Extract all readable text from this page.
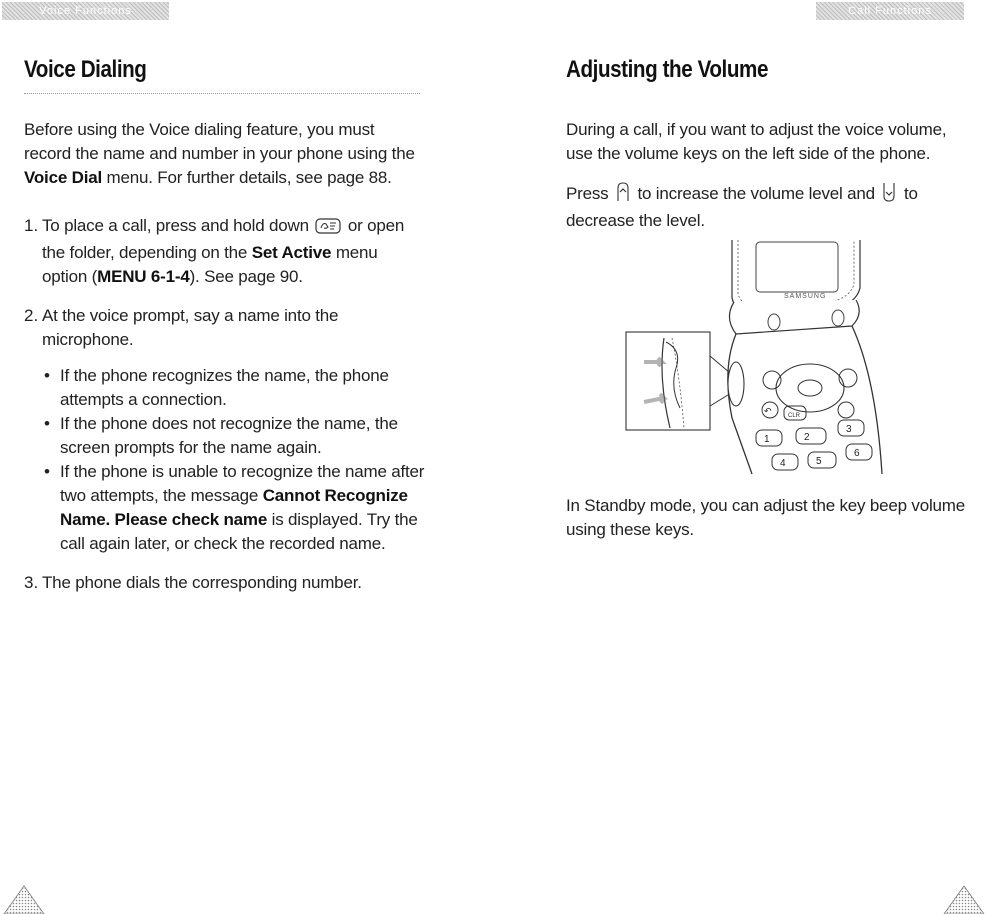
Voice Functions
Voice Dialing

Before using the Voice dialing feature, you must record the name and number in your phone using the Voice Dial menu. For further details, see page 88.

1. To place a call, press and hold down  or open the folder, depending on the Set Active menu option (MENU 6-1-4). See page 90.

2. At the voice prompt, say a name into the microphone.

• If the phone recognizes the name, the phone attempts a connection.

• If the phone does not recognize the name, the screen prompts for the name again.

• If the phone is unable to recognize the name after two attempts, the message Cannot Recognize Name. Please check name is displayed. Try the call again later, or check the recorded name.

3. The phone dials the corresponding number.

Call Functions
Adjusting the Volume

During a call, if you want to adjust the voice volume, use the volume keys on the left side of the phone.

Press  to increase the volume level and  to decrease the level.

SAMSUNG
↶	CLR
1	2
3
4	5
6

In Standby mode, you can adjust the key beep volume using these keys.
